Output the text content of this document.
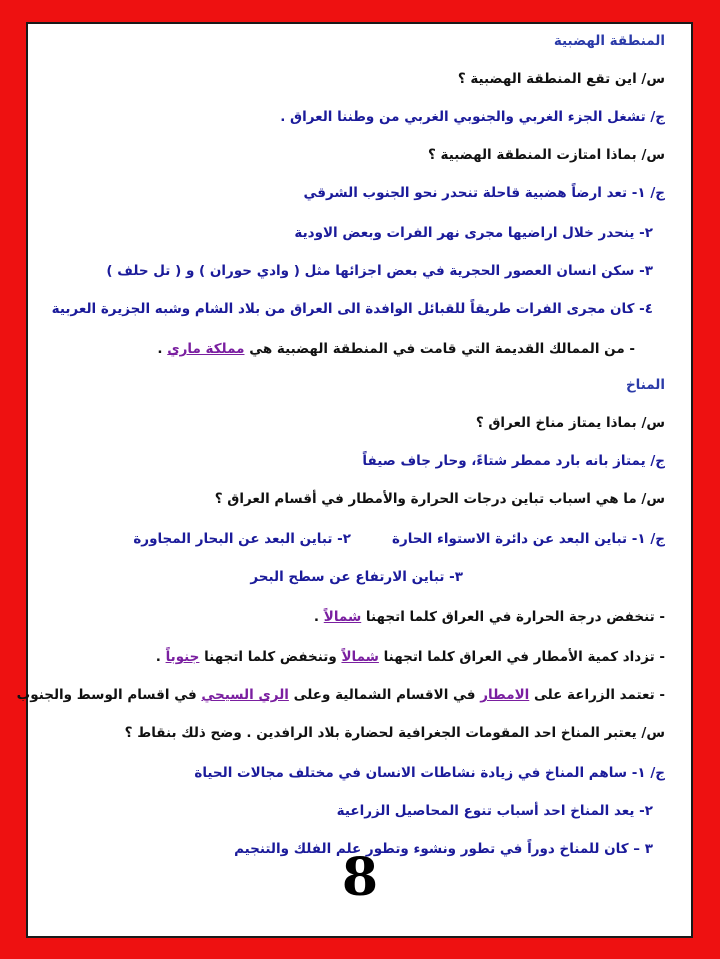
المنطقة الهضبية
س/ اين تقع المنطقة الهضبية ؟
ج/ تشغل الجزء الغربي والجنوبي الغربي من وطننا العراق .
س/ بماذا امتازت المنطقة الهضبية ؟
ج/ ١- تعد ارضاً هضبية قاحلة تنحدر نحو الجنوب الشرقي
٢- ينحدر خلال اراضيها مجرى نهر الفرات وبعض الاودية
٣- سكن انسان العصور الحجرية في بعض اجزائها مثل ( وادي حوران ) و ( تل حلف )
٤- كان مجرى الفرات طريقاً للقبائل الوافدة الى العراق من بلاد الشام وشبه الجزيرة العربية
- من الممالك القديمة التي قامت في المنطقة الهضبية هي مملكة ماري .
المناخ
س/ بماذا يمتاز مناخ العراق ؟
ج/ يمتاز بانه بارد ممطر شتاءً، وحار جاف صيفاً
س/ ما هي اسباب تباين درجات الحرارة والأمطار في أقسام العراق ؟
ج/ ١- تباين البعد عن دائرة الاستواء الحارة
٢- تباين البعد عن البحار المجاورة
٣- تباين الارتفاع عن سطح البحر
- تنخفض درجة الحرارة في العراق كلما اتجهنا شمالاً .
- تزداد كمية الأمطار في العراق كلما اتجهنا شمالاً وتنخفض كلما اتجهنا جنوباً .
- تعتمد الزراعة على الامطار في الاقسام الشمالية وعلى الري السيحي في اقسام الوسط والجنوب
س/ يعتبر المناخ احد المقومات الجغرافية لحضارة بلاد الرافدين . وضح ذلك بنقاط ؟
ج/ ١- ساهم المناخ في زيادة نشاطات الانسان في مختلف مجالات الحياة
٢- يعد المناخ احد أسباب تنوع المحاصيل الزراعية
٣ – كان للمناخ دوراً في تطور ونشوء وتطور علم الفلك والتنجيم
8
